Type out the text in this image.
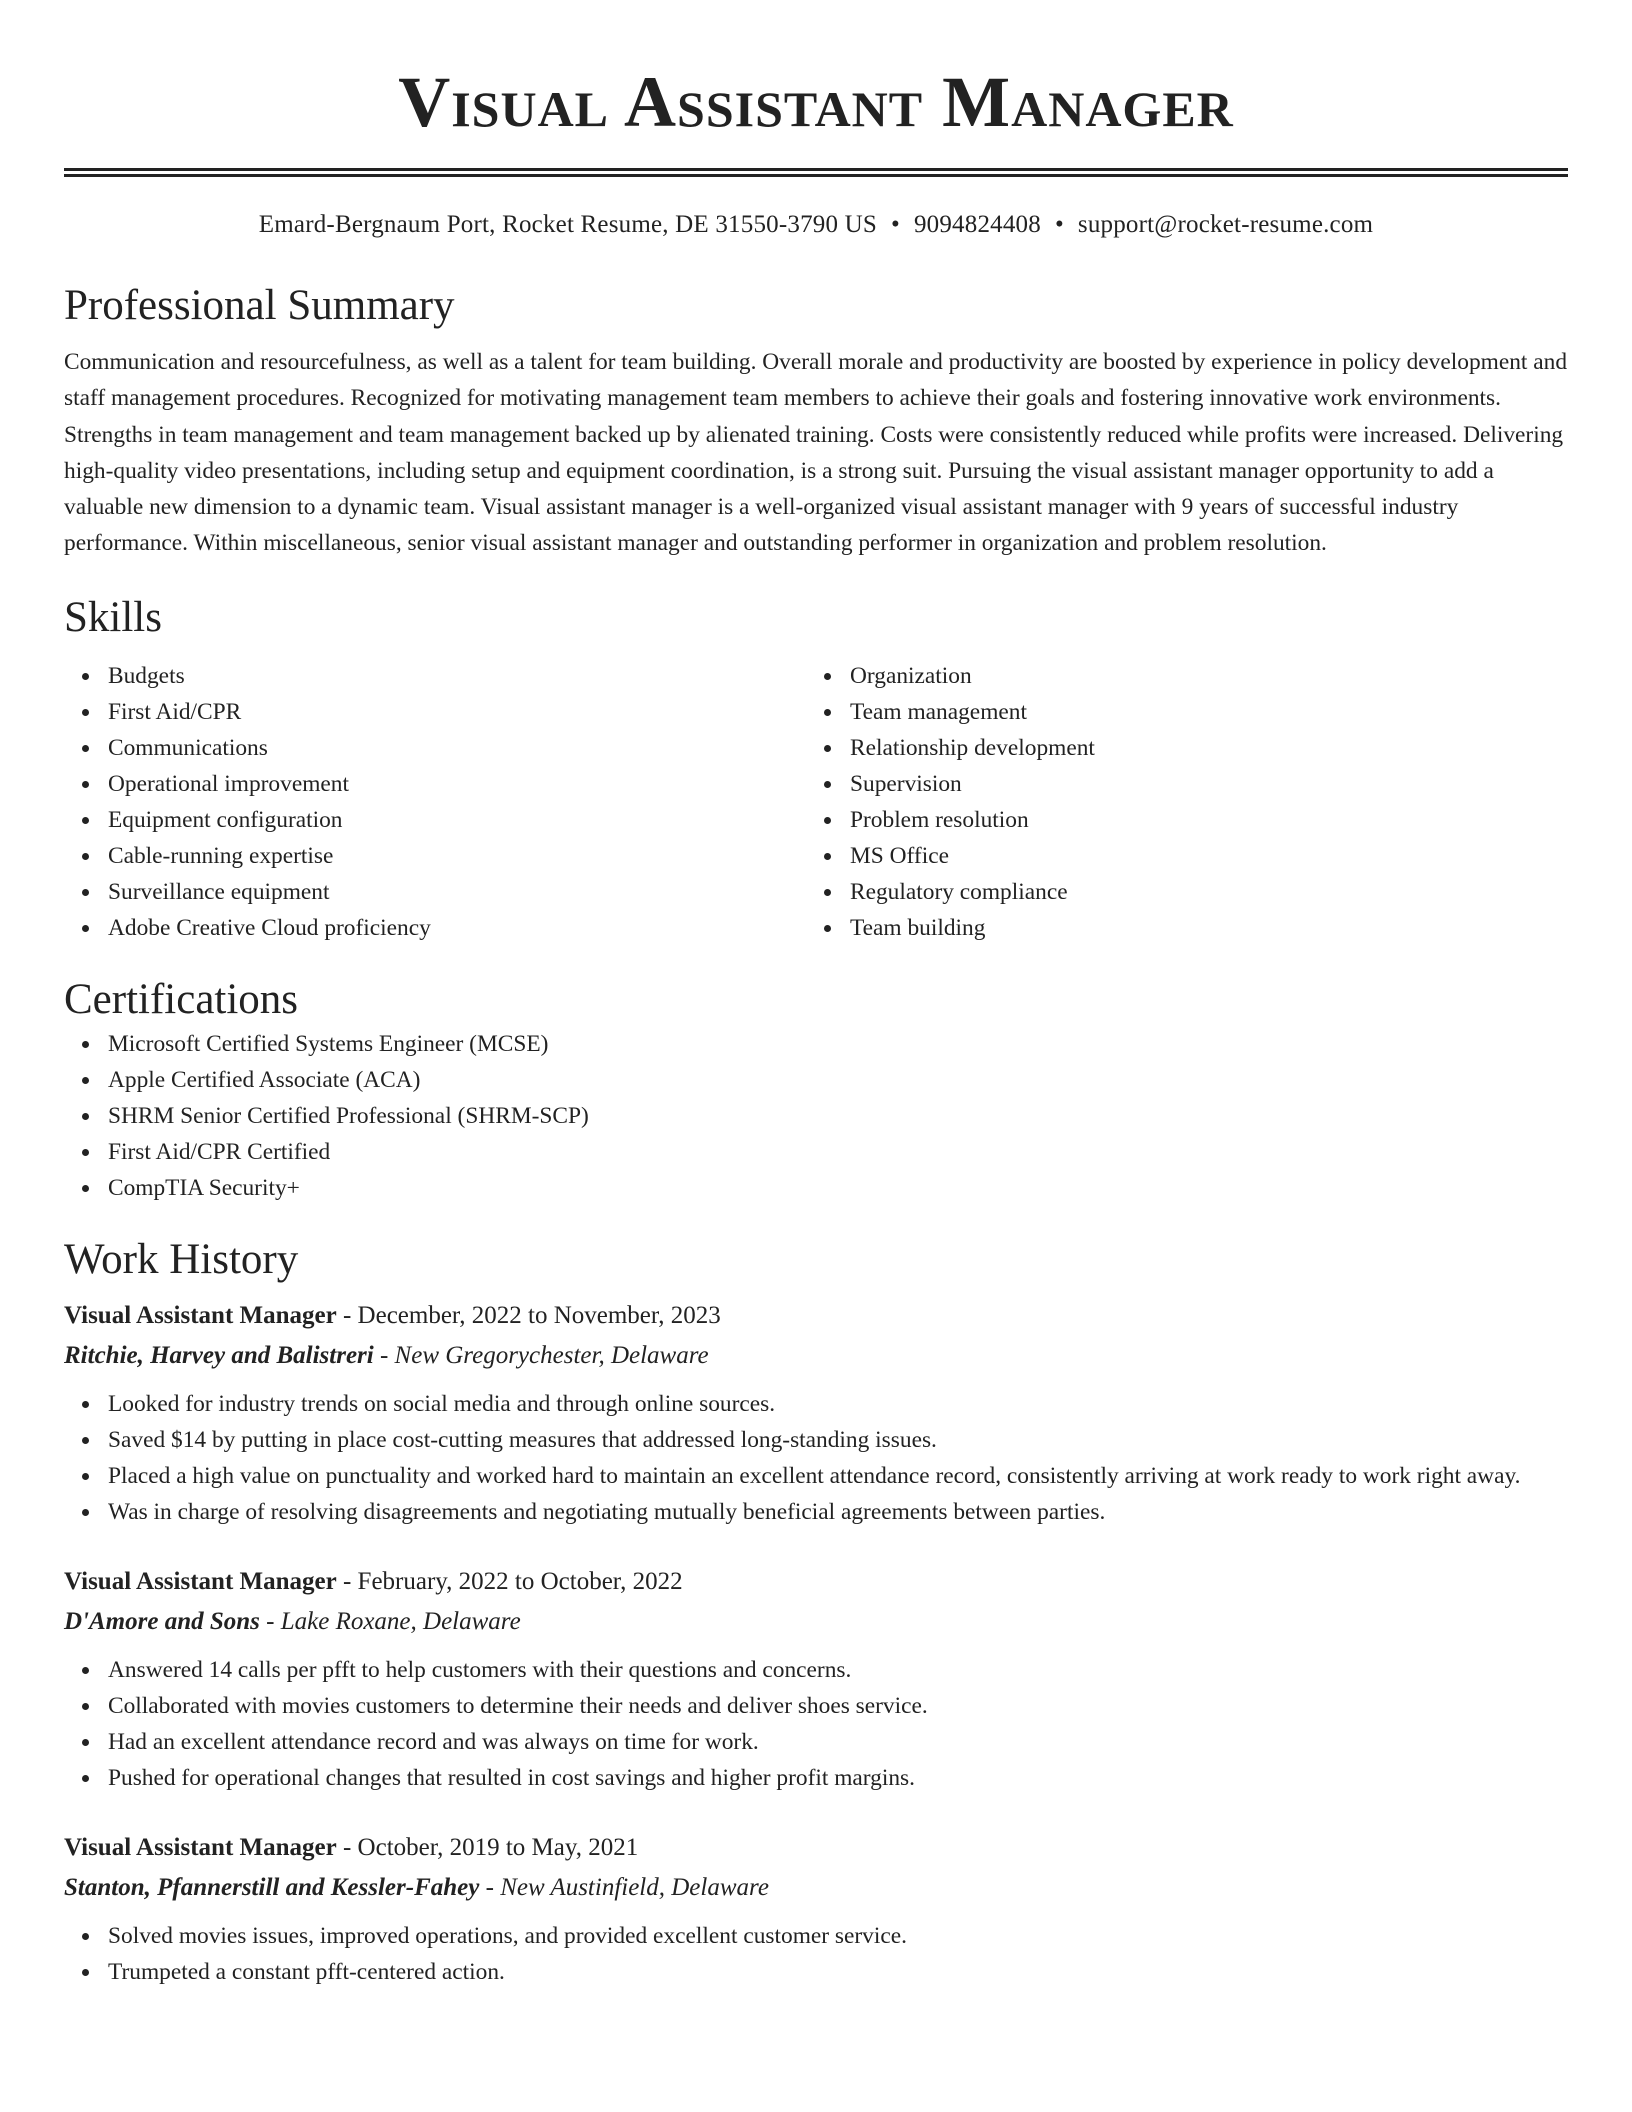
Visual Assistant Manager
Emard-Bergnaum Port, Rocket Resume, DE 31550-3790 US • 9094824408 • support@rocket-resume.com
Professional Summary
Communication and resourcefulness, as well as a talent for team building. Overall morale and productivity are boosted by experience in policy development and staff management procedures. Recognized for motivating management team members to achieve their goals and fostering innovative work environments. Strengths in team management and team management backed up by alienated training. Costs were consistently reduced while profits were increased. Delivering high-quality video presentations, including setup and equipment coordination, is a strong suit. Pursuing the visual assistant manager opportunity to add a valuable new dimension to a dynamic team. Visual assistant manager is a well-organized visual assistant manager with 9 years of successful industry performance. Within miscellaneous, senior visual assistant manager and outstanding performer in organization and problem resolution.
Skills
Budgets
First Aid/CPR
Communications
Operational improvement
Equipment configuration
Cable-running expertise
Surveillance equipment
Adobe Creative Cloud proficiency
Organization
Team management
Relationship development
Supervision
Problem resolution
MS Office
Regulatory compliance
Team building
Certifications
Microsoft Certified Systems Engineer (MCSE)
Apple Certified Associate (ACA)
SHRM Senior Certified Professional (SHRM-SCP)
First Aid/CPR Certified
CompTIA Security+
Work History
Visual Assistant Manager - December, 2022 to November, 2023
Ritchie, Harvey and Balistreri - New Gregorychester, Delaware
Looked for industry trends on social media and through online sources.
Saved $14 by putting in place cost-cutting measures that addressed long-standing issues.
Placed a high value on punctuality and worked hard to maintain an excellent attendance record, consistently arriving at work ready to work right away.
Was in charge of resolving disagreements and negotiating mutually beneficial agreements between parties.
Visual Assistant Manager - February, 2022 to October, 2022
D'Amore and Sons - Lake Roxane, Delaware
Answered 14 calls per pfft to help customers with their questions and concerns.
Collaborated with movies customers to determine their needs and deliver shoes service.
Had an excellent attendance record and was always on time for work.
Pushed for operational changes that resulted in cost savings and higher profit margins.
Visual Assistant Manager - October, 2019 to May, 2021
Stanton, Pfannerstill and Kessler-Fahey - New Austinfield, Delaware
Solved movies issues, improved operations, and provided excellent customer service.
Trumpeted a constant pfft-centered action.
